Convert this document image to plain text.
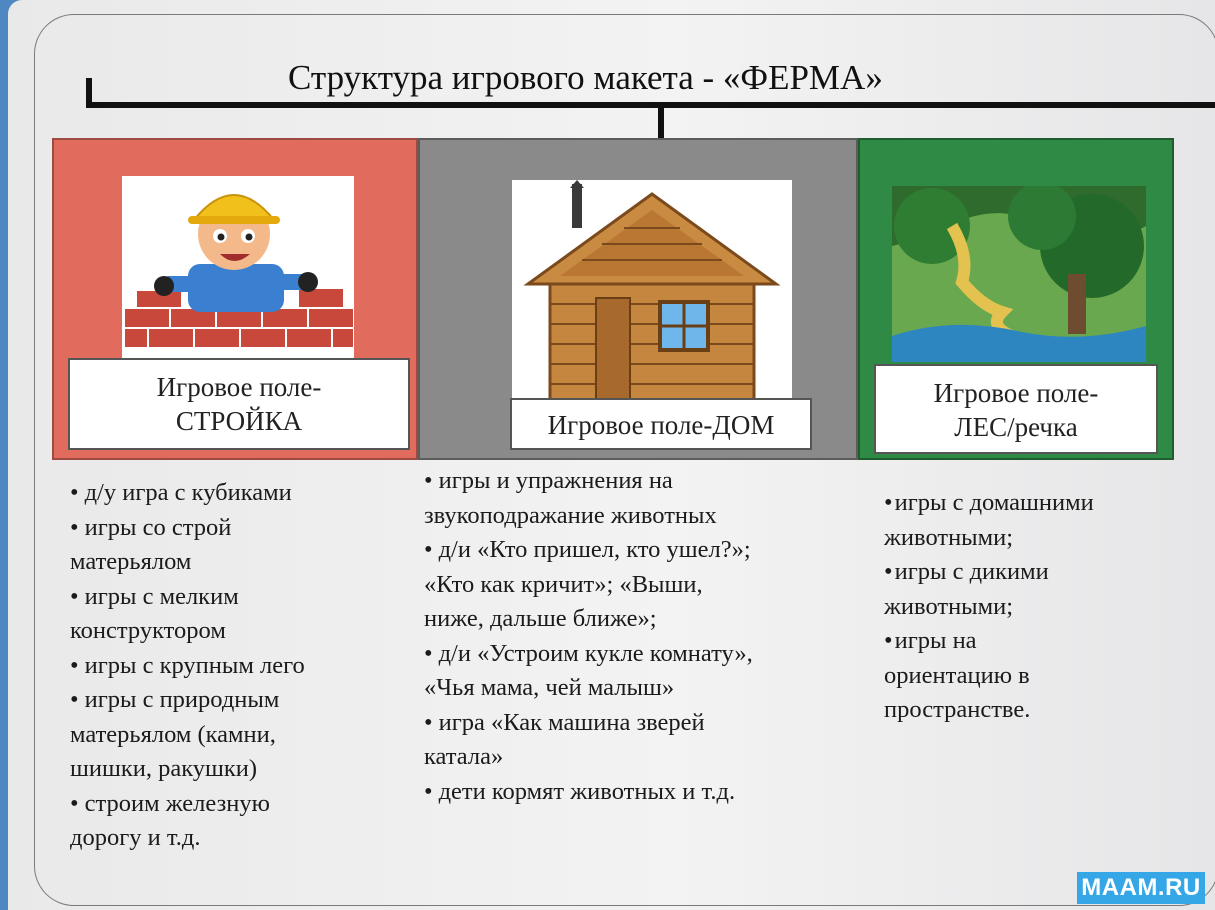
Структура игрового макета - «ФЕРМА»
Игровое поле-
СТРОЙКА	Игровое поле-ДОМ
Игровое поле-
ЛЕС/речка
• д/у игра с кубиками
• игры со строй
матерьялом
• игры с мелким
конструктором
• игры с крупным лего
• игры с природным
матерьялом (камни,
шишки, ракушки)
• строим железную
дорогу и т.д.
• игры и упражнения на
звукоподражание животных
• д/и «Кто пришел, кто ушел?»;
«Кто как кричит»; «Выши,
ниже, дальше ближе»;
• д/и «Устроим кукле комнату»,
«Чья мама, чей малыш»
• игра «Как машина зверей
катала»
• дети кормят животных и т.д.
• игры с домашними
животными;
• игры с дикими
животными;
• игры на
ориентацию в
пространстве.
MAAM.RU
